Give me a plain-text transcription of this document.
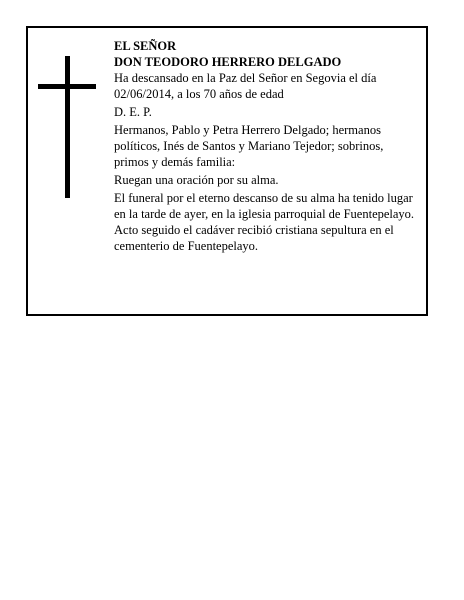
EL SEÑOR

DON TEODORO HERRERO DELGADO

Ha descansado en la Paz del Señor en Segovia el día 02/06/2014, a los 70 años de edad

D. E. P.

Hermanos, Pablo y Petra Herrero Delgado; hermanos políticos, Inés de Santos y Mariano Tejedor; sobrinos, primos y demás familia:

Ruegan una oración por su alma.

El funeral por el eterno descanso de su alma ha tenido lugar en la tarde de ayer, en la iglesia parroquial de Fuentepelayo. Acto seguido el cadáver recibió cristiana sepultura en el cementerio de Fuentepelayo.
